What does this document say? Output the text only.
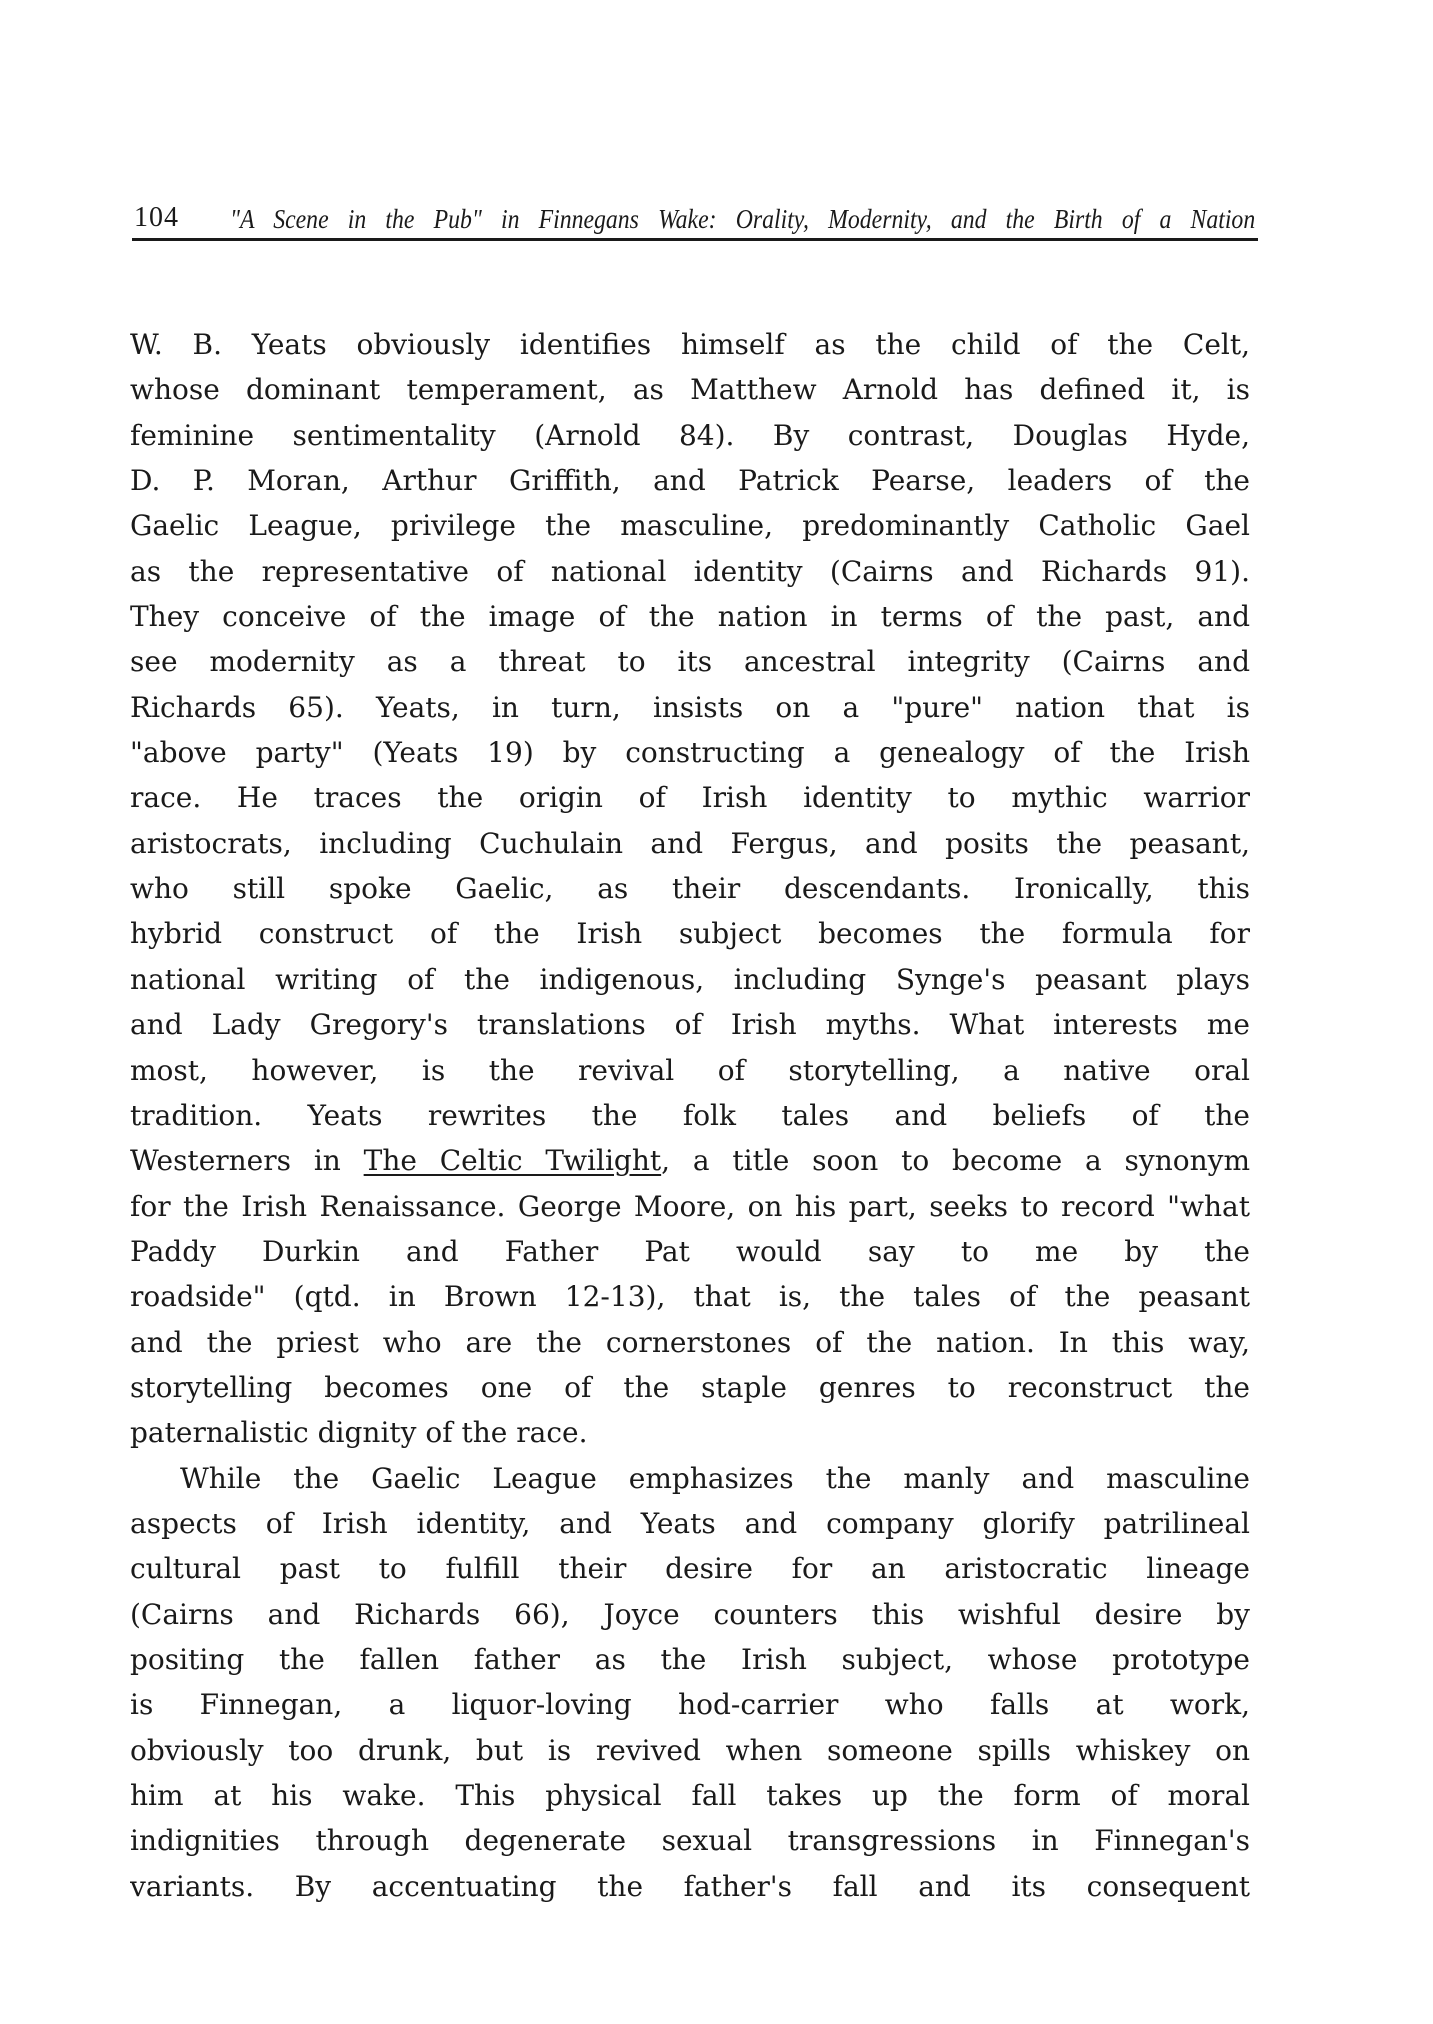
104 "A Scene in the Pub" in Finnegans Wake: Orality, Modernity, and the Birth of a Nation
W. B. Yeats obviously identifies himself as the child of the Celt,
whose dominant temperament, as Matthew Arnold has defined it, is
feminine sentimentality (Arnold 84). By contrast, Douglas Hyde,
D. P. Moran, Arthur Griffith, and Patrick Pearse, leaders of the
Gaelic League, privilege the masculine, predominantly Catholic Gael
as the representative of national identity (Cairns and Richards 91).
They conceive of the image of the nation in terms of the past, and
see modernity as a threat to its ancestral integrity (Cairns and
Richards 65). Yeats, in turn, insists on a "pure" nation that is
"above party" (Yeats 19) by constructing a genealogy of the Irish
race. He traces the origin of Irish identity to mythic warrior
aristocrats, including Cuchulain and Fergus, and posits the peasant,
who still spoke Gaelic, as their descendants. Ironically, this
hybrid construct of the Irish subject becomes the formula for
national writing of the indigenous, including Synge's peasant plays
and Lady Gregory's translations of Irish myths. What interests me
most, however, is the revival of storytelling, a native oral
tradition. Yeats rewrites the folk tales and beliefs of the
Westerners in The Celtic Twilight, a title soon to become a synonym
for the Irish Renaissance. George Moore, on his part, seeks to record "what
Paddy Durkin and Father Pat would say to me by the
roadside" (qtd. in Brown 12-13), that is, the tales of the peasant
and the priest who are the cornerstones of the nation. In this way,
storytelling becomes one of the staple genres to reconstruct the
paternalistic dignity of the race.
While the Gaelic League emphasizes the manly and masculine
aspects of Irish identity, and Yeats and company glorify patrilineal
cultural past to fulfill their desire for an aristocratic lineage
(Cairns and Richards 66), Joyce counters this wishful desire by
positing the fallen father as the Irish subject, whose prototype
is Finnegan, a liquor-loving hod-carrier who falls at work,
obviously too drunk, but is revived when someone spills whiskey on
him at his wake. This physical fall takes up the form of moral
indignities through degenerate sexual transgressions in Finnegan's
variants. By accentuating the father's fall and its consequent
